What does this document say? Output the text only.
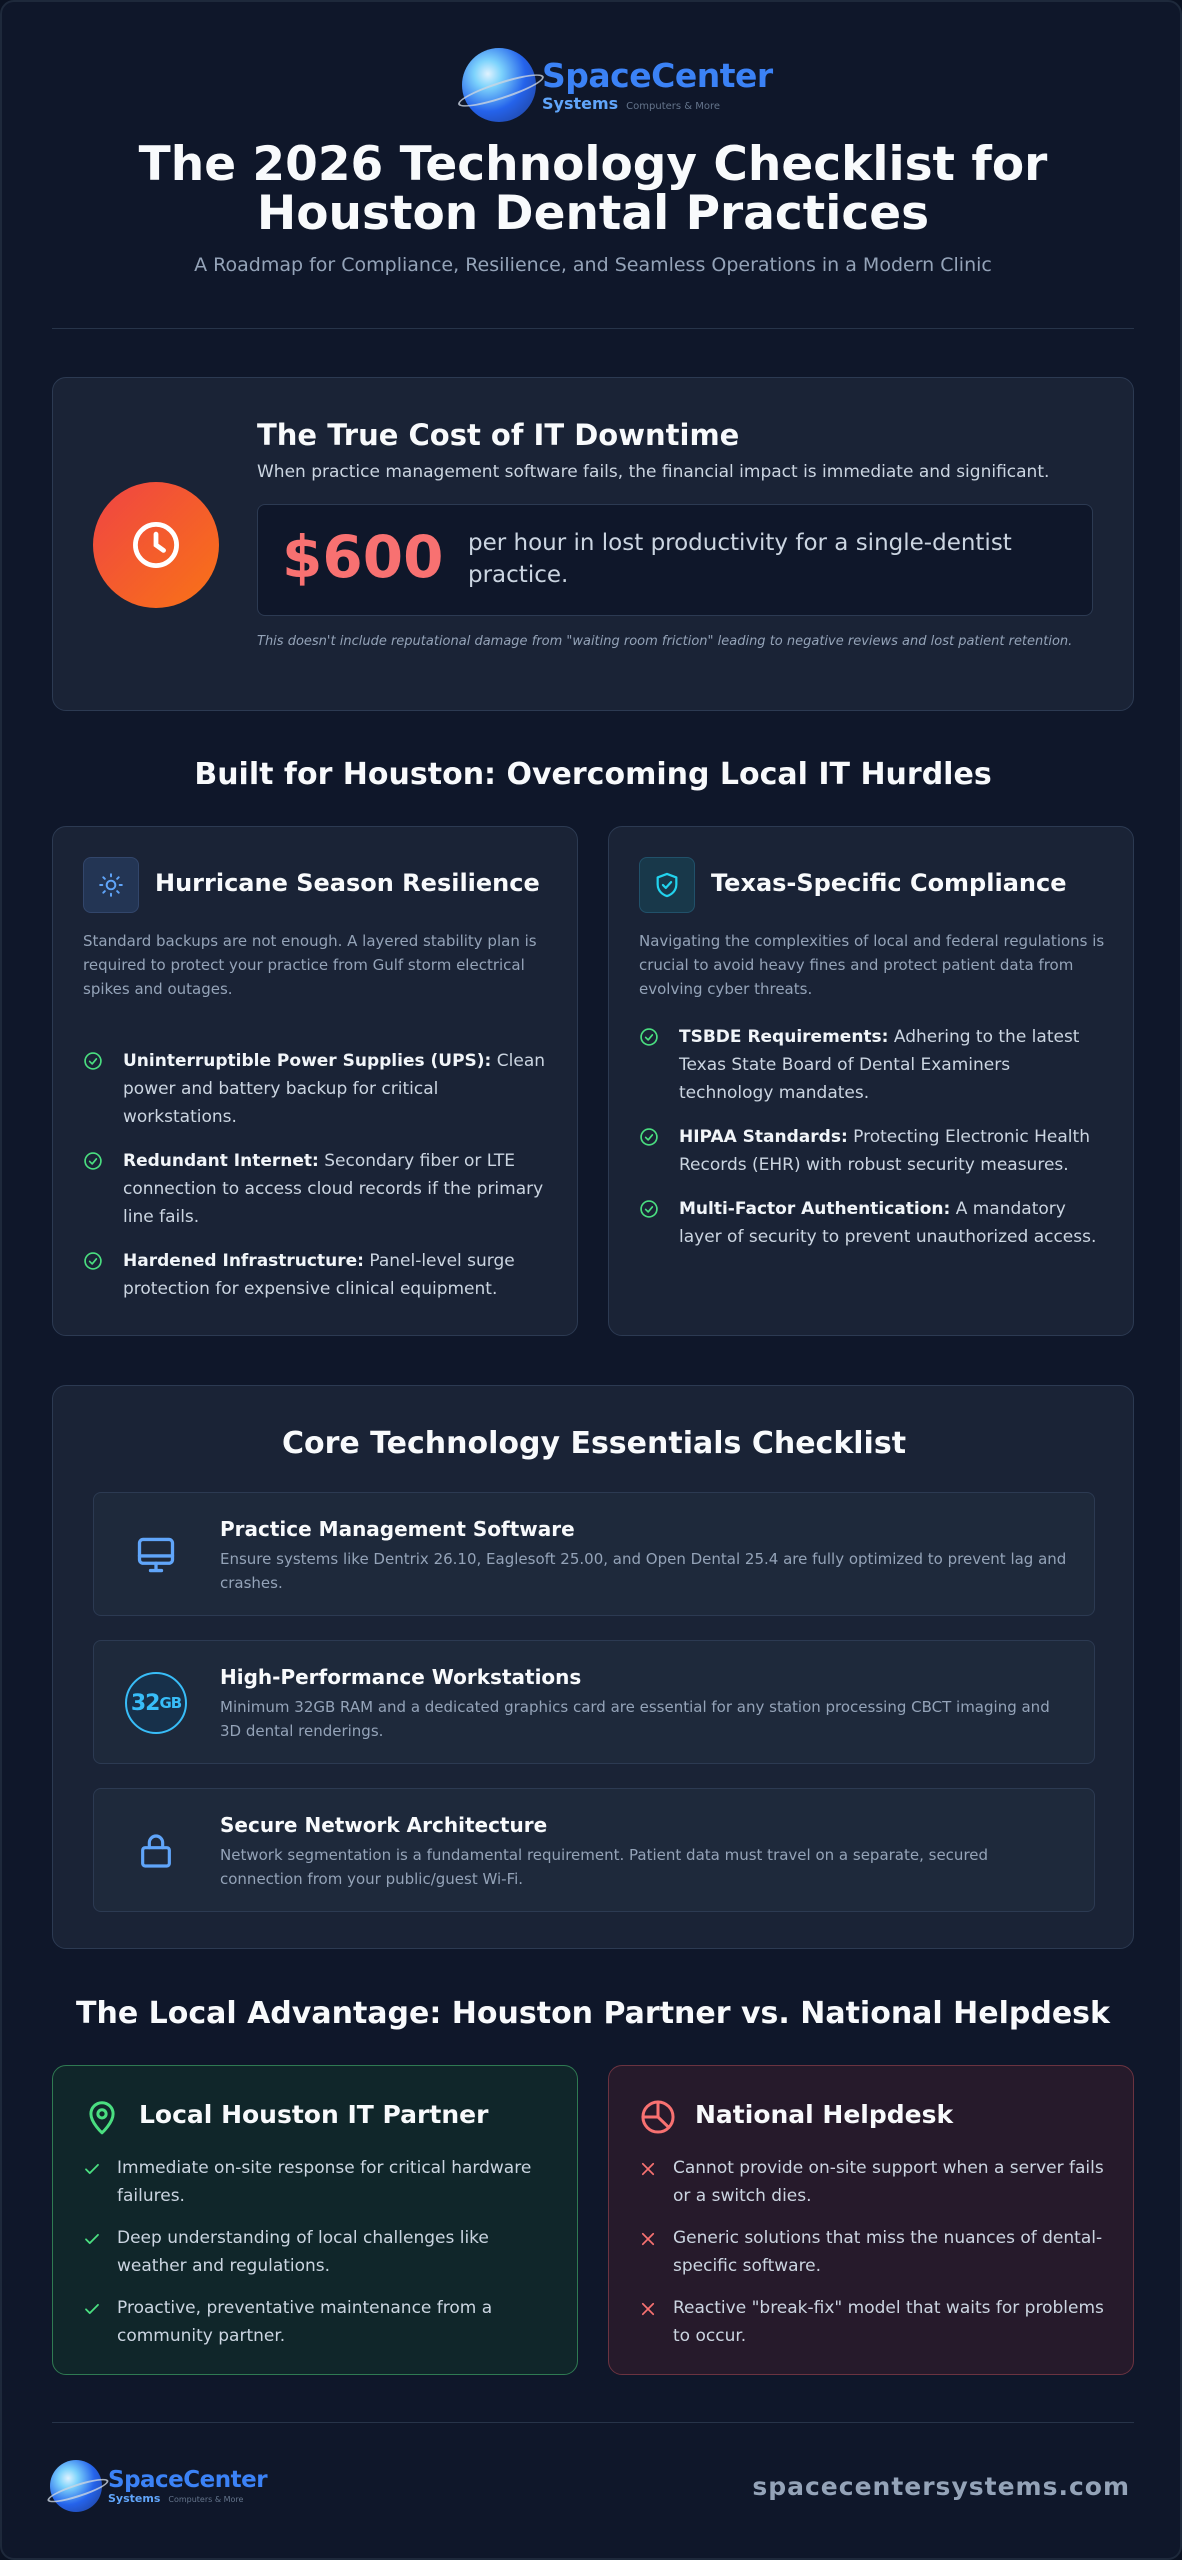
SpaceCenter
Systems Computers & More
The 2026 Technology Checklist for Houston Dental Practices
A Roadmap for Compliance, Resilience, and Seamless Operations in a Modern Clinic
The True Cost of IT Downtime
When practice management software fails, the financial impact is immediate and significant.
$600 per hour in lost productivity for a single-dentist practice.
This doesn't include reputational damage from "waiting room friction" leading to negative reviews and lost patient retention.
Built for Houston: Overcoming Local IT Hurdles
Hurricane Season Resilience
Standard backups are not enough. A layered stability plan is required to protect your practice from Gulf storm electrical spikes and outages.
Uninterruptible Power Supplies (UPS): Clean power and battery backup for critical workstations.
Redundant Internet: Secondary fiber or LTE connection to access cloud records if the primary line fails.
Hardened Infrastructure: Panel-level surge protection for expensive clinical equipment.
Texas-Specific Compliance
Navigating the complexities of local and federal regulations is crucial to avoid heavy fines and protect patient data from evolving cyber threats.
TSBDE Requirements: Adhering to the latest Texas State Board of Dental Examiners technology mandates.
HIPAA Standards: Protecting Electronic Health Records (EHR) with robust security measures.
Multi-Factor Authentication: A mandatory layer of security to prevent unauthorized access.
Core Technology Essentials Checklist
Practice Management Software
Ensure systems like Dentrix 26.10, Eaglesoft 25.00, and Open Dental 25.4 are fully optimized to prevent lag and crashes.
32 GB
High-Performance Workstations
Minimum 32GB RAM and a dedicated graphics card are essential for any station processing CBCT imaging and 3D dental renderings.
Secure Network Architecture
Network segmentation is a fundamental requirement. Patient data must travel on a separate, secured connection from your public/guest Wi-Fi.
The Local Advantage: Houston Partner vs. National Helpdesk
Local Houston IT Partner
Immediate on-site response for critical hardware failures.
Deep understanding of local challenges like weather and regulations.
Proactive, preventative maintenance from a community partner.
National Helpdesk
Cannot provide on-site support when a server fails or a switch dies.
Generic solutions that miss the nuances of dental-specific software.
Reactive "break-fix" model that waits for problems to occur.
SpaceCenter
Systems Computers & More	spacecentersystems.com
